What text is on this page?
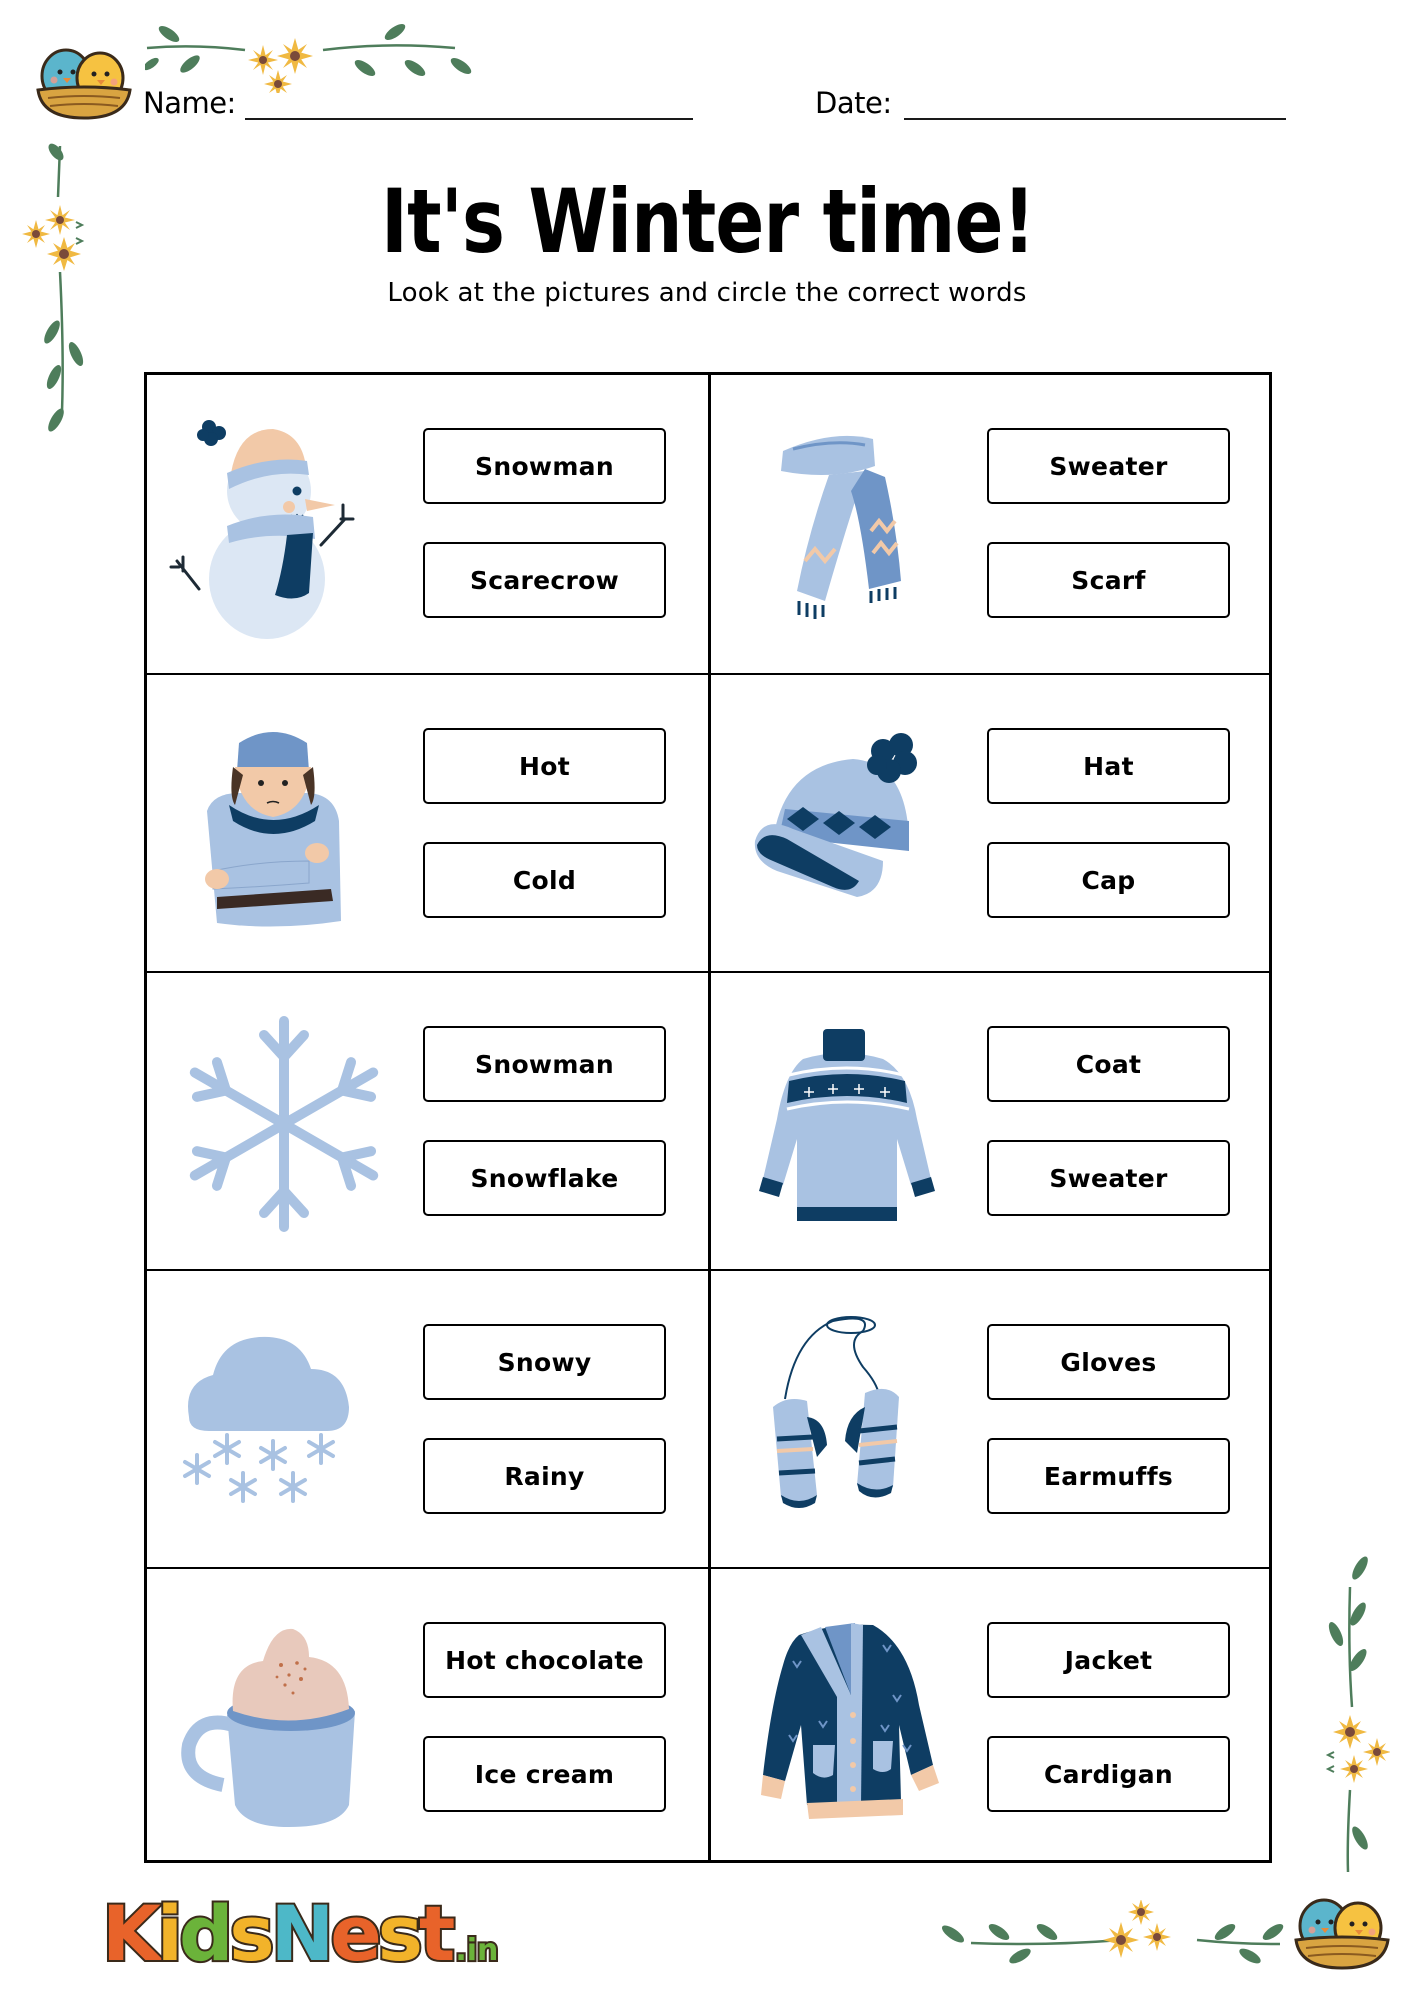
Name:	Date:
It's Winter time!
Look at the pictures and circle the correct words
Snowman
Scarecrow
Sweater
Scarf
Hot
Cold
Hat
Cap
Snowman
Snowflake
Coat
Sweater
Snowy
Rainy
Gloves
Earmuffs
Hot chocolate
Ice cream
Jacket
Cardigan
KidsNest .in
